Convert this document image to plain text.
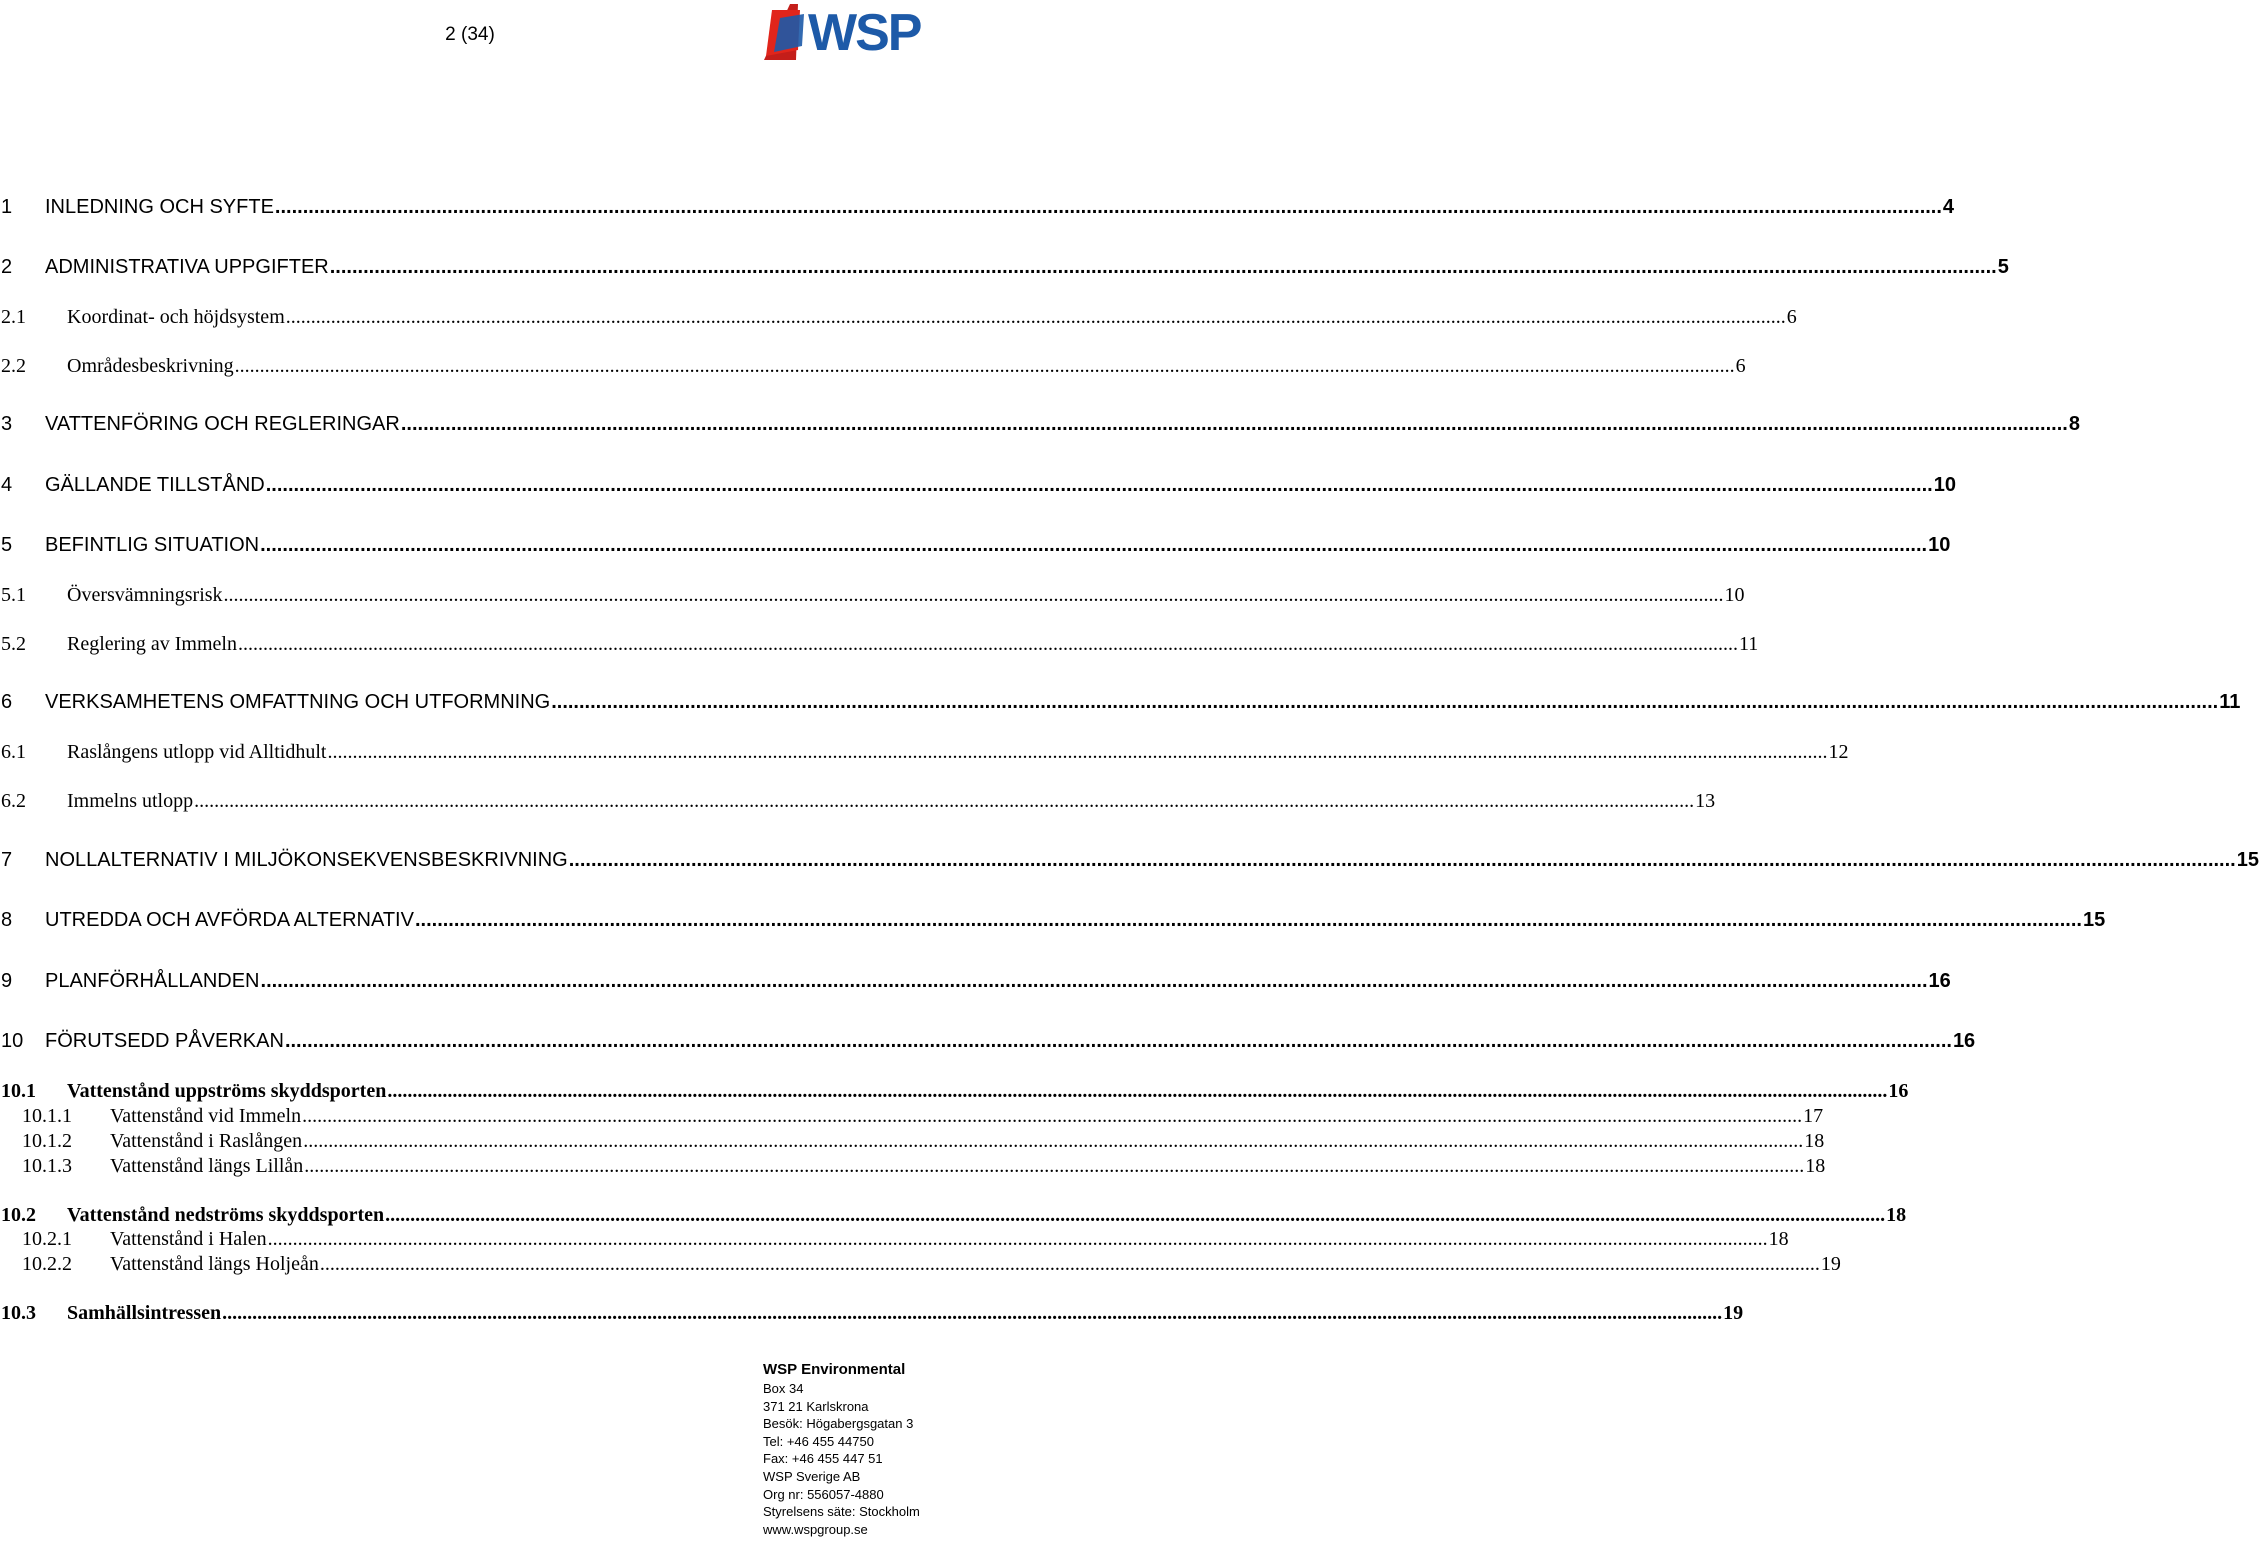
2 (34)	WSP
1	INLEDNING OCH SYFTE ............................................................................................................................................................................................................................................................................................................ 4
2	ADMINISTRATIVA UPPGIFTER ............................................................................................................................................................................................................................................................................................................ 5
2.1	Koordinat- och höjdsystem ............................................................................................................................................................................................................................................................................................................ 6
2.2	Områdesbeskrivning ............................................................................................................................................................................................................................................................................................................ 6
3	VATTENFÖRING OCH REGLERINGAR ............................................................................................................................................................................................................................................................................................................ 8
4	GÄLLANDE TILLSTÅND ............................................................................................................................................................................................................................................................................................................ 10
5	BEFINTLIG SITUATION ............................................................................................................................................................................................................................................................................................................ 10
5.1	Översvämningsrisk ............................................................................................................................................................................................................................................................................................................ 10
5.2	Reglering av Immeln ............................................................................................................................................................................................................................................................................................................ 11
6	VERKSAMHETENS OMFATTNING OCH UTFORMNING ............................................................................................................................................................................................................................................................................................................ 11
6.1	Raslångens utlopp vid Alltidhult ............................................................................................................................................................................................................................................................................................................ 12
6.2	Immelns utlopp ............................................................................................................................................................................................................................................................................................................ 13
7	NOLLALTERNATIV I MILJÖKONSEKVENSBESKRIVNING ............................................................................................................................................................................................................................................................................................................ 15
8	UTREDDA OCH AVFÖRDA ALTERNATIV ............................................................................................................................................................................................................................................................................................................ 15
9	PLANFÖRHÅLLANDEN ............................................................................................................................................................................................................................................................................................................ 16
10	FÖRUTSEDD PÅVERKAN ............................................................................................................................................................................................................................................................................................................ 16
10.1	Vattenstånd uppströms skyddsporten ............................................................................................................................................................................................................................................................................................................ 16
10.1.1	Vattenstånd vid Immeln ............................................................................................................................................................................................................................................................................................................ 17
10.1.2	Vattenstånd i Raslången ............................................................................................................................................................................................................................................................................................................ 18
10.1.3	Vattenstånd längs Lillån ............................................................................................................................................................................................................................................................................................................ 18
10.2	Vattenstånd nedströms skyddsporten ............................................................................................................................................................................................................................................................................................................ 18
10.2.1	Vattenstånd i Halen ............................................................................................................................................................................................................................................................................................................ 18
10.2.2	Vattenstånd längs Holjeån ............................................................................................................................................................................................................................................................................................................ 19
10.3	Samhällsintressen ............................................................................................................................................................................................................................................................................................................ 19
WSP Environmental
Box 34
371 21 Karlskrona
Besök: Högabergsgatan 3
Tel: +46 455 44750
Fax: +46 455 447 51
WSP Sverige AB
Org nr: 556057-4880
Styrelsens säte: Stockholm
www.wspgroup.se
